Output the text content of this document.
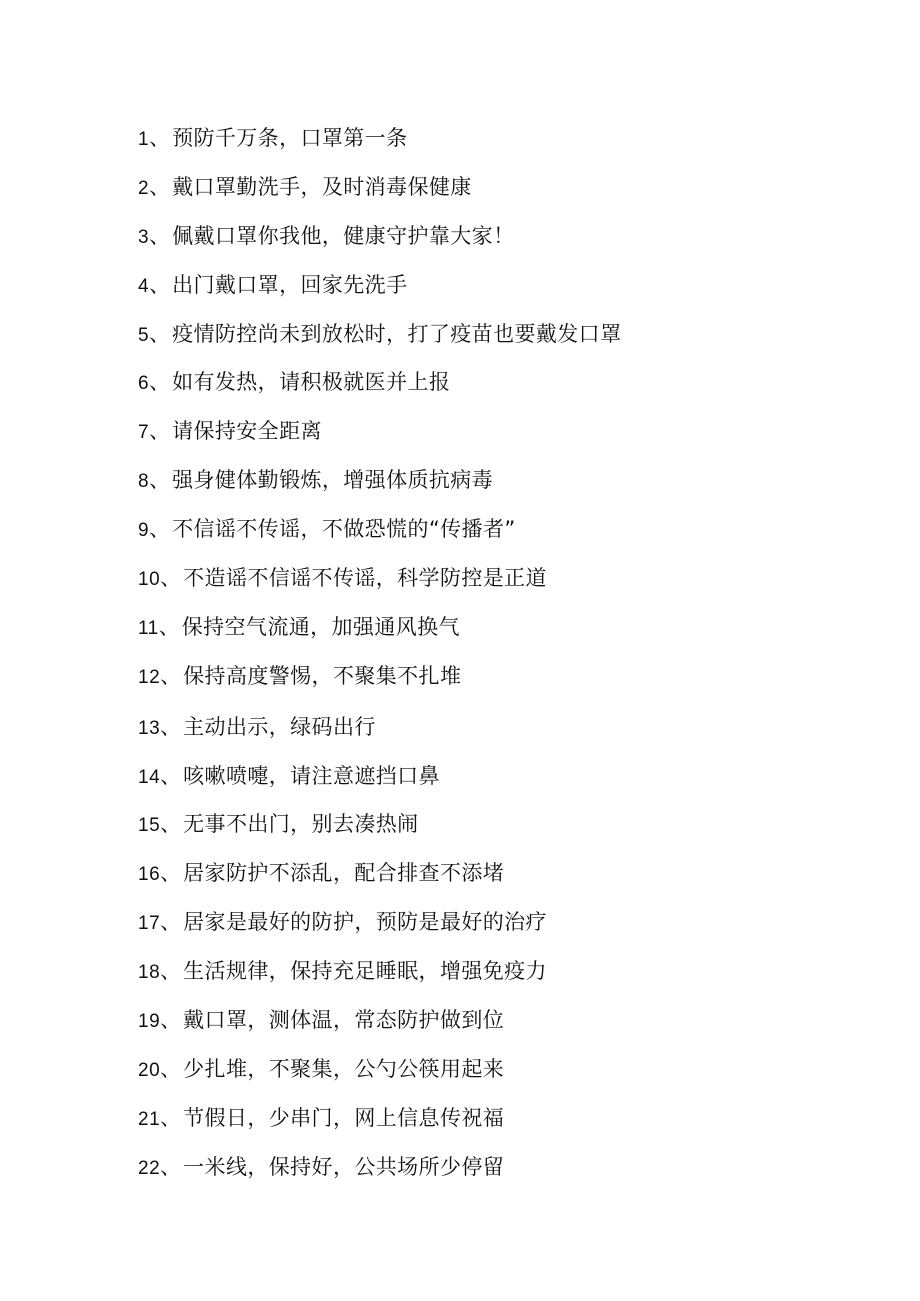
1 、 预防千万条，口罩第一条
2 、 戴口罩勤洗手，及时消毒保健康
3 、 佩戴口罩你我他，健康守护靠大家！
4 、 出门戴口罩，回家先洗手
5 、 疫情防控尚未到放松时，打了疫苗也要戴发口罩
6 、 如有发热，请积极就医并上报
7 、 请保持安全距离
8 、 强身健体勤锻炼，增强体质抗病毒
9 、 不信谣不传谣，不做恐慌的“传播者”
10 、 不造谣不信谣不传谣，科学防控是正道
11 、 保持空气流通，加强通风换气
12 、 保持高度警惕，不聚集不扎堆
13 、 主动出示，绿码出行
14 、 咳嗽喷嚏，请注意遮挡口鼻
15 、 无事不出门，别去凑热闹
16 、 居家防护不添乱，配合排查不添堵
17 、 居家是最好的防护，预防是最好的治疗
18 、 生活规律，保持充足睡眠，增强免疫力
19 、 戴口罩，测体温，常态防护做到位
20 、 少扎堆，不聚集，公勺公筷用起来
21 、 节假日，少串门，网上信息传祝福
22 、 一米线，保持好，公共场所少停留
